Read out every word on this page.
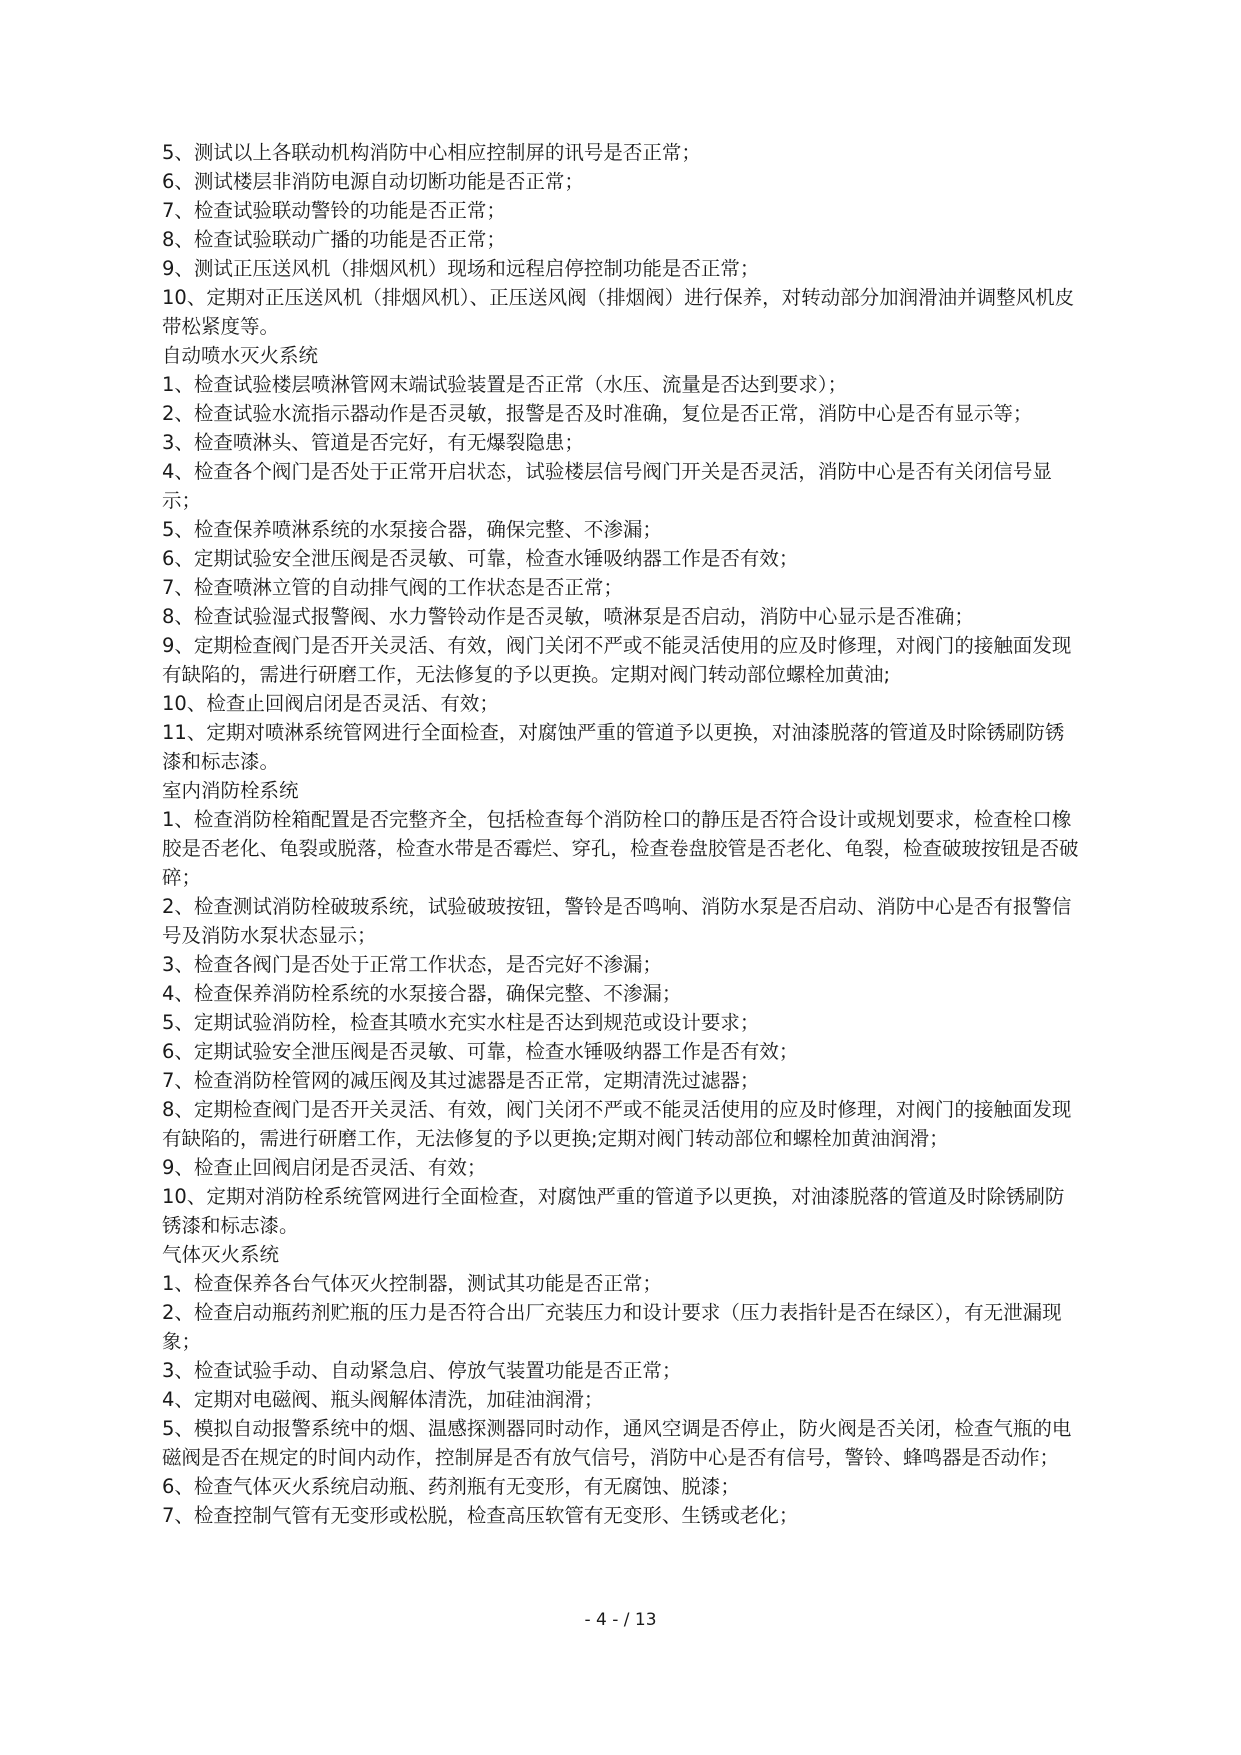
5、测试以上各联动机构消防中心相应控制屏的讯号是否正常；

6、测试楼层非消防电源自动切断功能是否正常；

7、检查试验联动警铃的功能是否正常；

8、检查试验联动广播的功能是否正常；

9、测试正压送风机（排烟风机）现场和远程启停控制功能是否正常；

10、定期对正压送风机（排烟风机）、正压送风阀（排烟阀）进行保养，对转动部分加润滑油并调整风机皮带松紧度等。

自动喷水灭火系统

1、检查试验楼层喷淋管网末端试验装置是否正常（水压、流量是否达到要求）；

2、检查试验水流指示器动作是否灵敏，报警是否及时准确，复位是否正常，消防中心是否有显示等；

3、检查喷淋头、管道是否完好，有无爆裂隐患；

4、检查各个阀门是否处于正常开启状态，试验楼层信号阀门开关是否灵活，消防中心是否有关闭信号显示；

5、检查保养喷淋系统的水泵接合器，确保完整、不渗漏；

6、定期试验安全泄压阀是否灵敏、可靠，检查水锤吸纳器工作是否有效；

7、检查喷淋立管的自动排气阀的工作状态是否正常；

8、检查试验湿式报警阀、水力警铃动作是否灵敏，喷淋泵是否启动，消防中心显示是否准确；

9、定期检查阀门是否开关灵活、有效，阀门关闭不严或不能灵活使用的应及时修理，对阀门的接触面发现有缺陷的，需进行研磨工作，无法修复的予以更换。定期对阀门转动部位螺栓加黄油;

10、检查止回阀启闭是否灵活、有效；

11、定期对喷淋系统管网进行全面检查，对腐蚀严重的管道予以更换，对油漆脱落的管道及时除锈刷防锈漆和标志漆。

室内消防栓系统

1、检查消防栓箱配置是否完整齐全，包括检查每个消防栓口的静压是否符合设计或规划要求，检查栓口橡胶是否老化、龟裂或脱落，检查水带是否霉烂、穿孔，检查卷盘胶管是否老化、龟裂，检查破玻按钮是否破碎；

2、检查测试消防栓破玻系统，试验破玻按钮，警铃是否鸣响、消防水泵是否启动、消防中心是否有报警信号及消防水泵状态显示；

3、检查各阀门是否处于正常工作状态，是否完好不渗漏；

4、检查保养消防栓系统的水泵接合器，确保完整、不渗漏；

5、定期试验消防栓，检查其喷水充实水柱是否达到规范或设计要求；

6、定期试验安全泄压阀是否灵敏、可靠，检查水锤吸纳器工作是否有效；

7、检查消防栓管网的减压阀及其过滤器是否正常，定期清洗过滤器；

8、定期检查阀门是否开关灵活、有效，阀门关闭不严或不能灵活使用的应及时修理，对阀门的接触面发现有缺陷的，需进行研磨工作，无法修复的予以更换;定期对阀门转动部位和螺栓加黄油润滑；

9、检查止回阀启闭是否灵活、有效；

10、定期对消防栓系统管网进行全面检查，对腐蚀严重的管道予以更换，对油漆脱落的管道及时除锈刷防锈漆和标志漆。

气体灭火系统

1、检查保养各台气体灭火控制器，测试其功能是否正常；

2、检查启动瓶药剂贮瓶的压力是否符合出厂充装压力和设计要求（压力表指针是否在绿区），有无泄漏现象；

3、检查试验手动、自动紧急启、停放气装置功能是否正常；

4、定期对电磁阀、瓶头阀解体清洗，加硅油润滑；

5、模拟自动报警系统中的烟、温感探测器同时动作，通风空调是否停止，防火阀是否关闭，检查气瓶的电磁阀是否在规定的时间内动作，控制屏是否有放气信号，消防中心是否有信号，警铃、蜂鸣器是否动作；

6、检查气体灭火系统启动瓶、药剂瓶有无变形，有无腐蚀、脱漆；

7、检查控制气管有无变形或松脱，检查高压软管有无变形、生锈或老化；

- 4 - / 13
